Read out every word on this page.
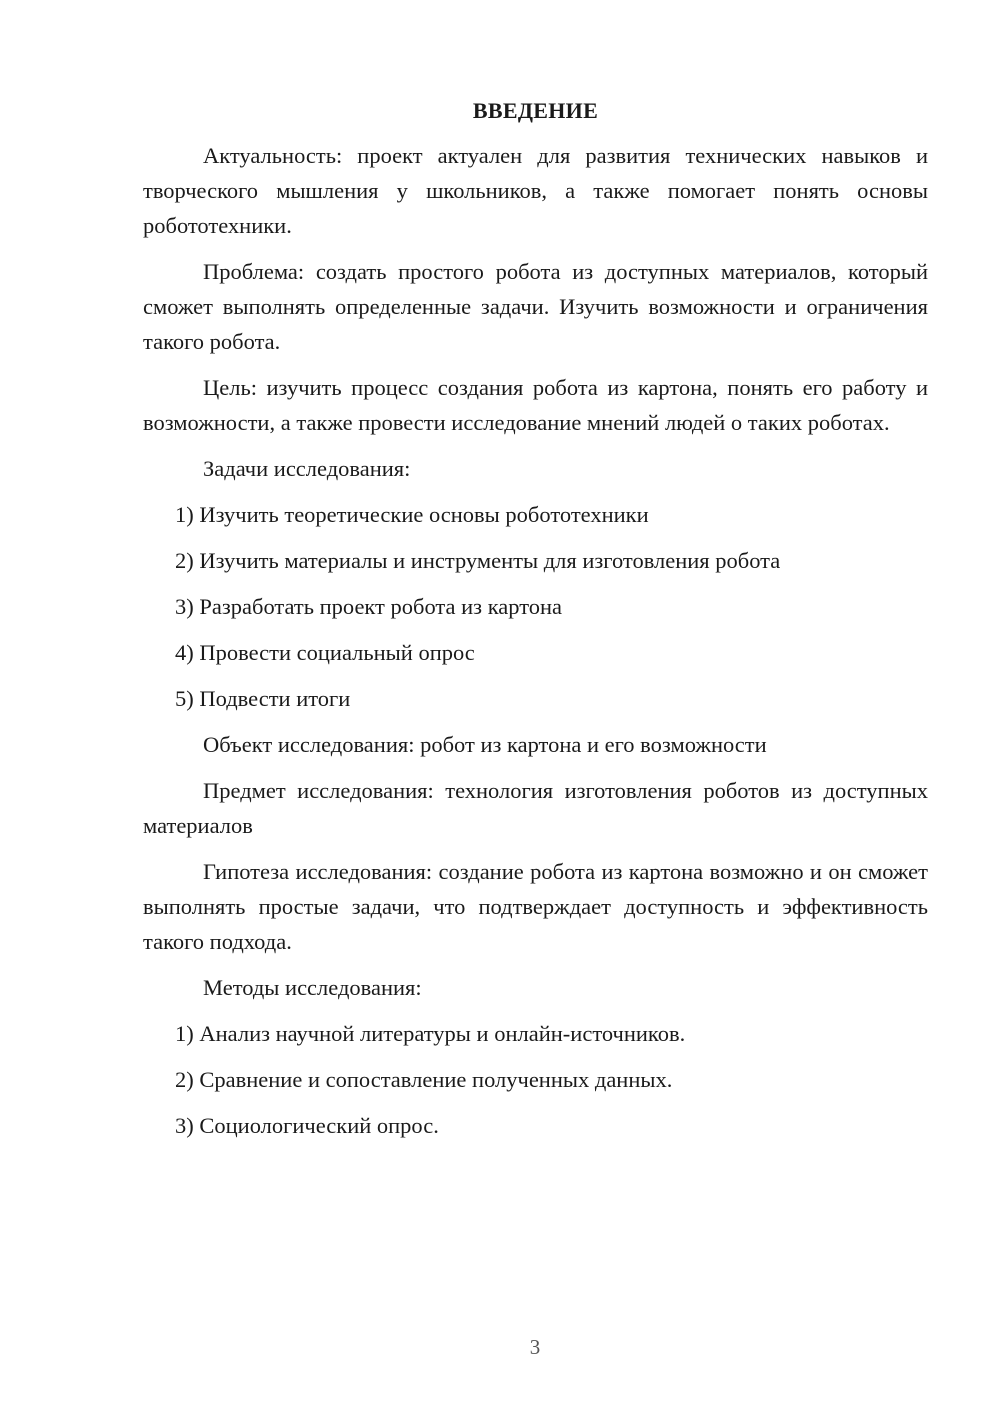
ВВЕДЕНИЕ

Актуальность: проект актуален для развития технических навыков и творческого мышления у школьников, а также помогает понять основы робототехники.

Проблема: создать простого робота из доступных материалов, который сможет выполнять определенные задачи. Изучить возможности и ограничения такого робота.

Цель: изучить процесс создания робота из картона, понять его работу и возможности, а также провести исследование мнений людей о таких роботах.

Задачи исследования:

1) Изучить теоретические основы робототехники

2) Изучить материалы и инструменты для изготовления робота

3) Разработать проект робота из картона

4) Провести социальный опрос

5) Подвести итоги

Объект исследования: робот из картона и его возможности

Предмет исследования: технология изготовления роботов из доступных материалов

Гипотеза исследования: создание робота из картона возможно и он сможет выполнять простые задачи, что подтверждает доступность и эффективность такого подхода.

Методы исследования:

1) Анализ научной литературы и онлайн-источников.

2) Сравнение и сопоставление полученных данных.

3) Социологический опрос.

3
